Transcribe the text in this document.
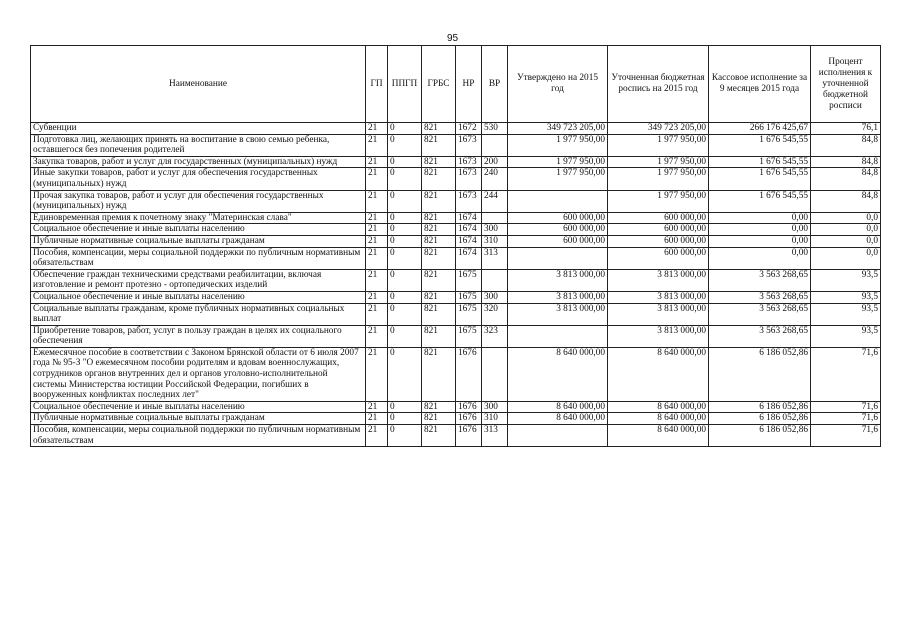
95
Наименование	ГП	ППГП	ГРБС	НР	ВР	Утверждено на 2015 год	Уточненная бюджетная роспись на 2015 год	Кассовое исполнение за 9 месяцев 2015 года	Процент исполнения к уточненной бюджетной росписи
Субвенции	21	0	821	1672	530	349 723 205,00	349 723 205,00	266 176 425,67	76,1
Подготовка лиц, желающих принять на воспитание в свою семью ребенка, оставшегося без попечения родителей	21	0	821	1673		1 977 950,00	1 977 950,00	1 676 545,55	84,8
Закупка товаров, работ и услуг для государственных (муниципальных) нужд	21	0	821	1673	200	1 977 950,00	1 977 950,00	1 676 545,55	84,8
Иные закупки товаров, работ и услуг для обеспечения государственных (муниципальных) нужд	21	0	821	1673	240	1 977 950,00	1 977 950,00	1 676 545,55	84,8
Прочая закупка товаров, работ и услуг для обеспечения государственных (муниципальных) нужд	21	0	821	1673	244		1 977 950,00	1 676 545,55	84,8
Единовременная премия к почетному знаку "Материнская слава"	21	0	821	1674		600 000,00	600 000,00	0,00	0,0
Социальное обеспечение и иные выплаты населению	21	0	821	1674	300	600 000,00	600 000,00	0,00	0,0
Публичные нормативные социальные выплаты гражданам	21	0	821	1674	310	600 000,00	600 000,00	0,00	0,0
Пособия, компенсации, меры социальной поддержки по публичным нормативным обязательствам	21	0	821	1674	313		600 000,00	0,00	0,0
Обеспечение граждан техническими средствами реабилитации, включая изготовление и ремонт протезно - ортопедических изделий	21	0	821	1675		3 813 000,00	3 813 000,00	3 563 268,65	93,5
Социальное обеспечение и иные выплаты населению	21	0	821	1675	300	3 813 000,00	3 813 000,00	3 563 268,65	93,5
Социальные выплаты гражданам, кроме публичных нормативных социальных выплат	21	0	821	1675	320	3 813 000,00	3 813 000,00	3 563 268,65	93,5
Приобретение товаров, работ, услуг в пользу граждан в целях их социального обеспечения	21	0	821	1675	323		3 813 000,00	3 563 268,65	93,5
Ежемесячное пособие в соответствии с Законом Брянской области от 6 июля 2007 года № 95-З "О ежемесячном пособии родителям и вдовам военнослужащих, сотрудников органов внутренних дел и органов уголовно-исполнительной системы Министерства юстиции Российской Федерации, погибших в вооруженных конфликтах последних лет"	21	0	821	1676		8 640 000,00	8 640 000,00	6 186 052,86	71,6
Социальное обеспечение и иные выплаты населению	21	0	821	1676	300	8 640 000,00	8 640 000,00	6 186 052,86	71,6
Публичные нормативные социальные выплаты гражданам	21	0	821	1676	310	8 640 000,00	8 640 000,00	6 186 052,86	71,6
Пособия, компенсации, меры социальной поддержки по публичным нормативным обязательствам	21	0	821	1676	313		8 640 000,00	6 186 052,86	71,6
